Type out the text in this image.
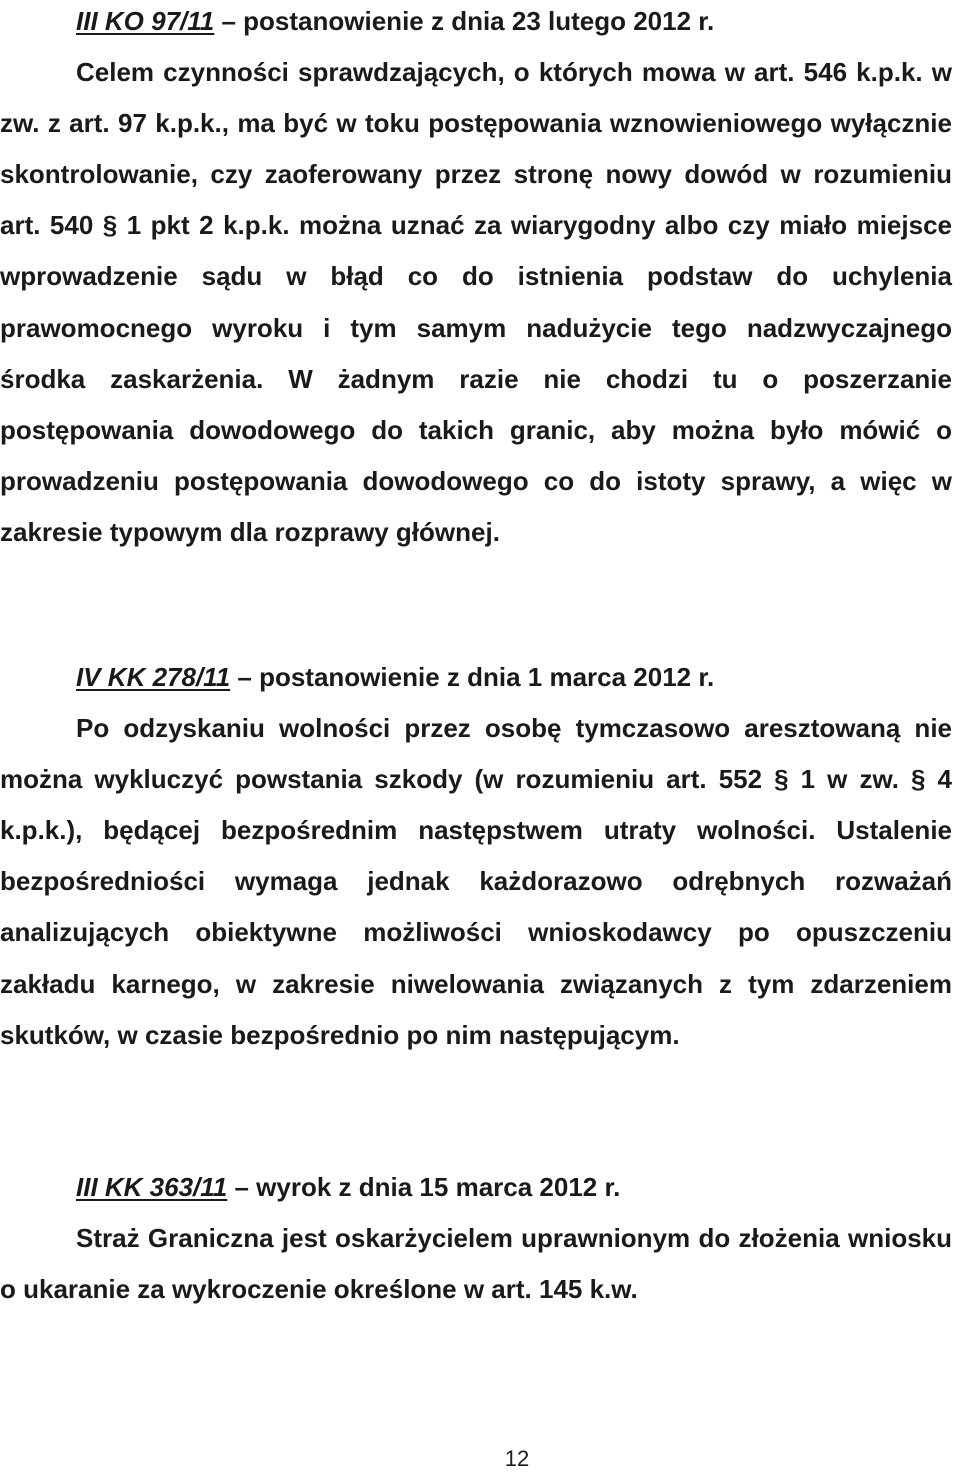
III KO 97/11 – postanowienie z dnia 23 lutego 2012 r.

Celem czynności sprawdzających, o których mowa w art. 546 k.p.k. w zw. z art. 97 k.p.k., ma być w toku postępowania wznowieniowego wyłącznie skontrolowanie, czy zaoferowany przez stronę nowy dowód w rozumieniu art. 540 § 1 pkt 2 k.p.k. można uznać za wiarygodny albo czy miało miejsce wprowadzenie sądu w błąd co do istnienia podstaw do uchylenia prawomocnego wyroku i tym samym nadużycie tego nadzwyczajnego środka zaskarżenia. W żadnym razie nie chodzi tu o poszerzanie postępowania dowodowego do takich granic, aby można było mówić o prowadzeniu postępowania dowodowego co do istoty sprawy, a więc w zakresie typowym dla rozprawy głównej.

IV KK 278/11 – postanowienie z dnia 1 marca 2012 r.

Po odzyskaniu wolności przez osobę tymczasowo aresztowaną nie można wykluczyć powstania szkody (w rozumieniu art. 552 § 1 w zw. § 4 k.p.k.), będącej bezpośrednim następstwem utraty wolności. Ustalenie bezpośredniości wymaga jednak każdorazowo odrębnych rozważań analizujących obiektywne możliwości wnioskodawcy po opuszczeniu zakładu karnego, w zakresie niwelowania związanych z tym zdarzeniem skutków, w czasie bezpośrednio po nim następującym.

III KK 363/11 – wyrok z dnia 15 marca 2012 r.

Straż Graniczna jest oskarżycielem uprawnionym do złożenia wniosku o ukaranie za wykroczenie określone w art. 145 k.w.

12
